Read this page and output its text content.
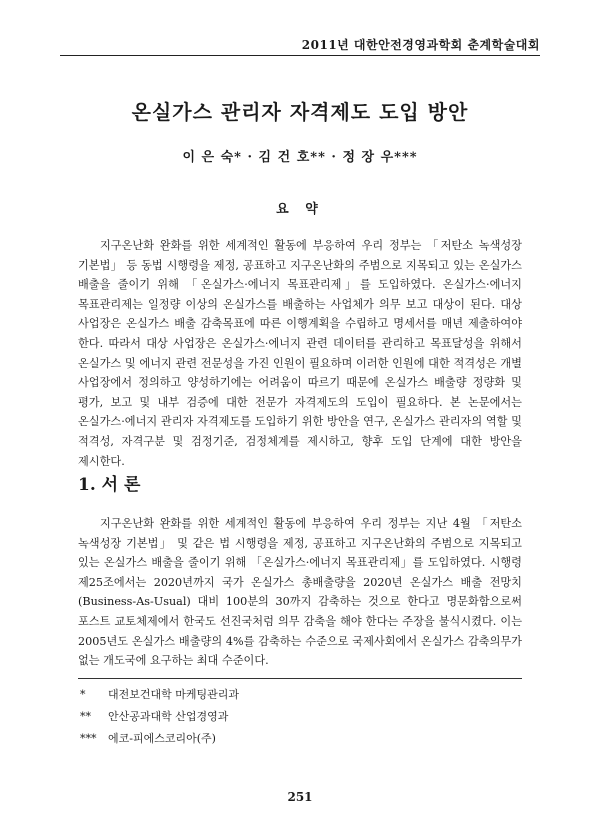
2011년 대한안전경영과학회 춘계학술대회
온실가스 관리자 자격제도 도입 방안
이 은 숙* · 김 건 호** · 정 장 우***
요 약

지구온난화 완화를 위한 세계적인 활동에 부응하여 우리 정부는 「저탄소 녹색성장 기본법」 등 동법 시행령을 제정, 공표하고 지구온난화의 주범으로 지목되고 있는 온실가스 배출을 줄이기 위해 「온실가스·에너지 목표관리제」를 도입하였다. 온실가스·에너지 목표관리제는 일정량 이상의 온실가스를 배출하는 사업체가 의무 보고 대상이 된다. 대상 사업장은 온실가스 배출 감축목표에 따른 이행계획을 수립하고 명세서를 매년 제출하여야 한다. 따라서 대상 사업장은 온실가스·에너지 관련 데이터를 관리하고 목표달성을 위해서 온실가스 및 에너지 관련 전문성을 가진 인원이 필요하며 이러한 인원에 대한 적격성은 개별 사업장에서 정의하고 양성하기에는 어려움이 따르기 때문에 온실가스 배출량 정량화 및 평가, 보고 및 내부 검증에 대한 전문가 자격제도의 도입이 필요하다. 본 논문에서는 온실가스·에너지 관리자 자격제도를 도입하기 위한 방안을 연구, 온실가스 관리자의 역할 및 적격성, 자격구분 및 검정기준, 검정체계를 제시하고, 향후 도입 단계에 대한 방안을 제시한다.

1. 서 론

지구온난화 완화를 위한 세계적인 활동에 부응하여 우리 정부는 지난 4월 「저탄소 녹색성장 기본법」 및 같은 법 시행령을 제정, 공표하고 지구온난화의 주범으로 지목되고 있는 온실가스 배출을 줄이기 위해 「온실가스·에너지 목표관리제」를 도입하였다. 시행령 제25조에서는 2020년까지 국가 온실가스 총배출량을 2020년 온실가스 배출 전망치(Business-As-Usual) 대비 100분의 30까지 감축하는 것으로 한다고 명문화함으로써 포스트 교토체제에서 한국도 선진국처럼 의무 감축을 해야 한다는 주장을 불식시켰다. 이는 2005년도 온실가스 배출량의 4%를 감축하는 수준으로 국제사회에서 온실가스 감축의무가 없는 개도국에 요구하는 최대 수준이다.

*	대전보건대학 마케팅관리과
**	안산공과대학 산업경영과
***	에코-피에스코리아(주)
251
